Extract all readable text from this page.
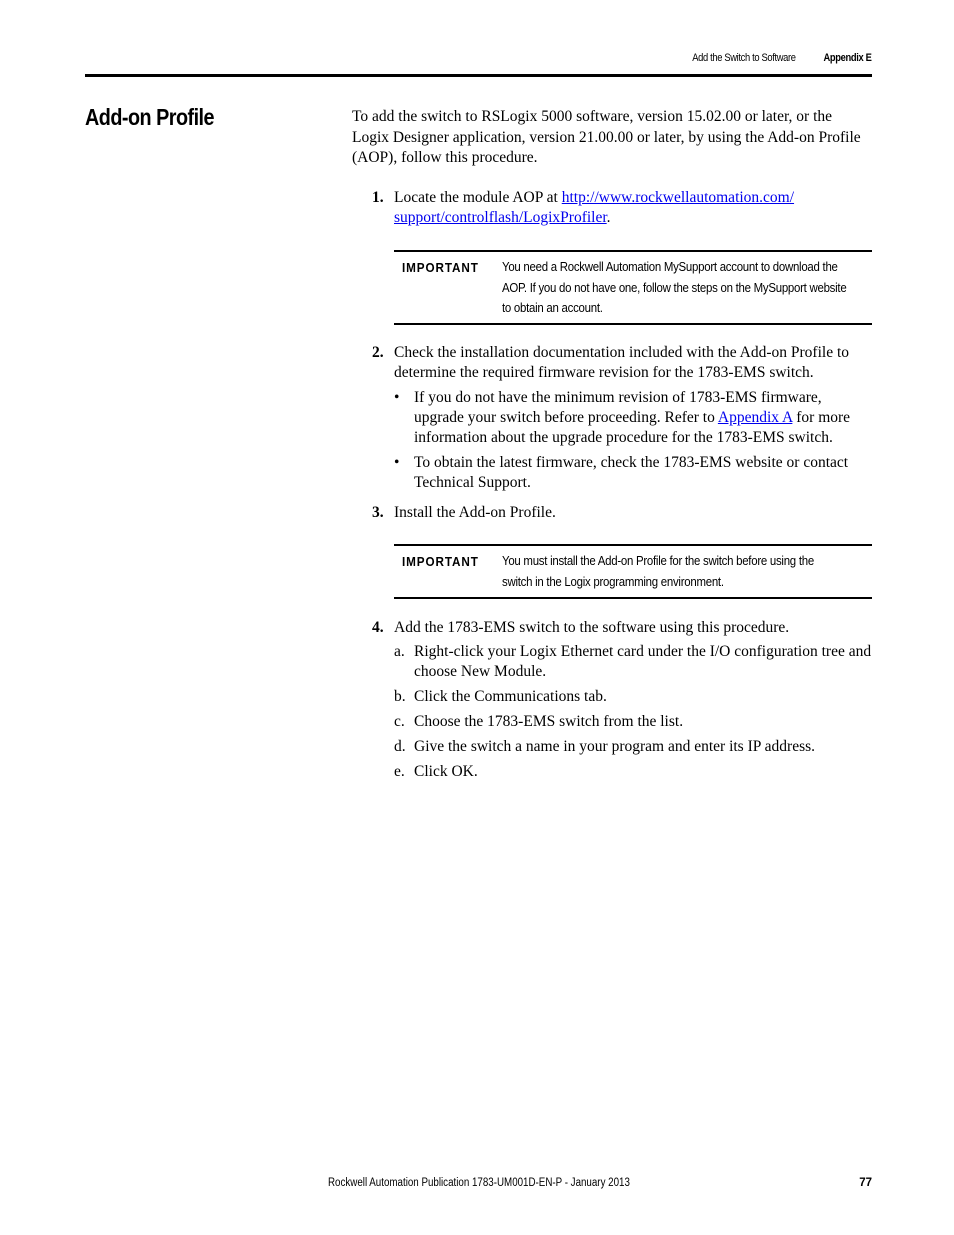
Add the Switch to Software	Appendix E
Add-on Profile	To add the switch to RSLogix 5000 software, version 15.02.00 or later, or the Logix Designer application, version 21.00.00 or later, by using the Add-on Profile (AOP), follow this procedure.
1. Locate the module AOP at http://www.rockwellautomation.com/
support/controlflash/LogixProfiler.
IMPORTANT You need a Rockwell Automation MySupport account to download the
AOP. If you do not have one, follow the steps on the MySupport website
to obtain an account.
2. Check the installation documentation included with the Add-on Profile to determine the required firmware revision for the 1783-EMS switch.
• If you do not have the minimum revision of 1783-EMS firmware, upgrade your switch before proceeding. Refer to Appendix A for more information about the upgrade procedure for the 1783-EMS switch.
• To obtain the latest firmware, check the 1783-EMS website or contact Technical Support.
3. Install the Add-on Profile.
IMPORTANT You must install the Add-on Profile for the switch before using the
switch in the Logix programming environment.
4. Add the 1783-EMS switch to the software using this procedure.
a. Right-click your Logix Ethernet card under the I/O configuration tree and choose New Module.
b. Click the Communications tab.
c. Choose the 1783-EMS switch from the list.
d. Give the switch a name in your program and enter its IP address.
e. Click OK.
Rockwell Automation Publication 1783-UM001D-EN-P - January 2013	77
